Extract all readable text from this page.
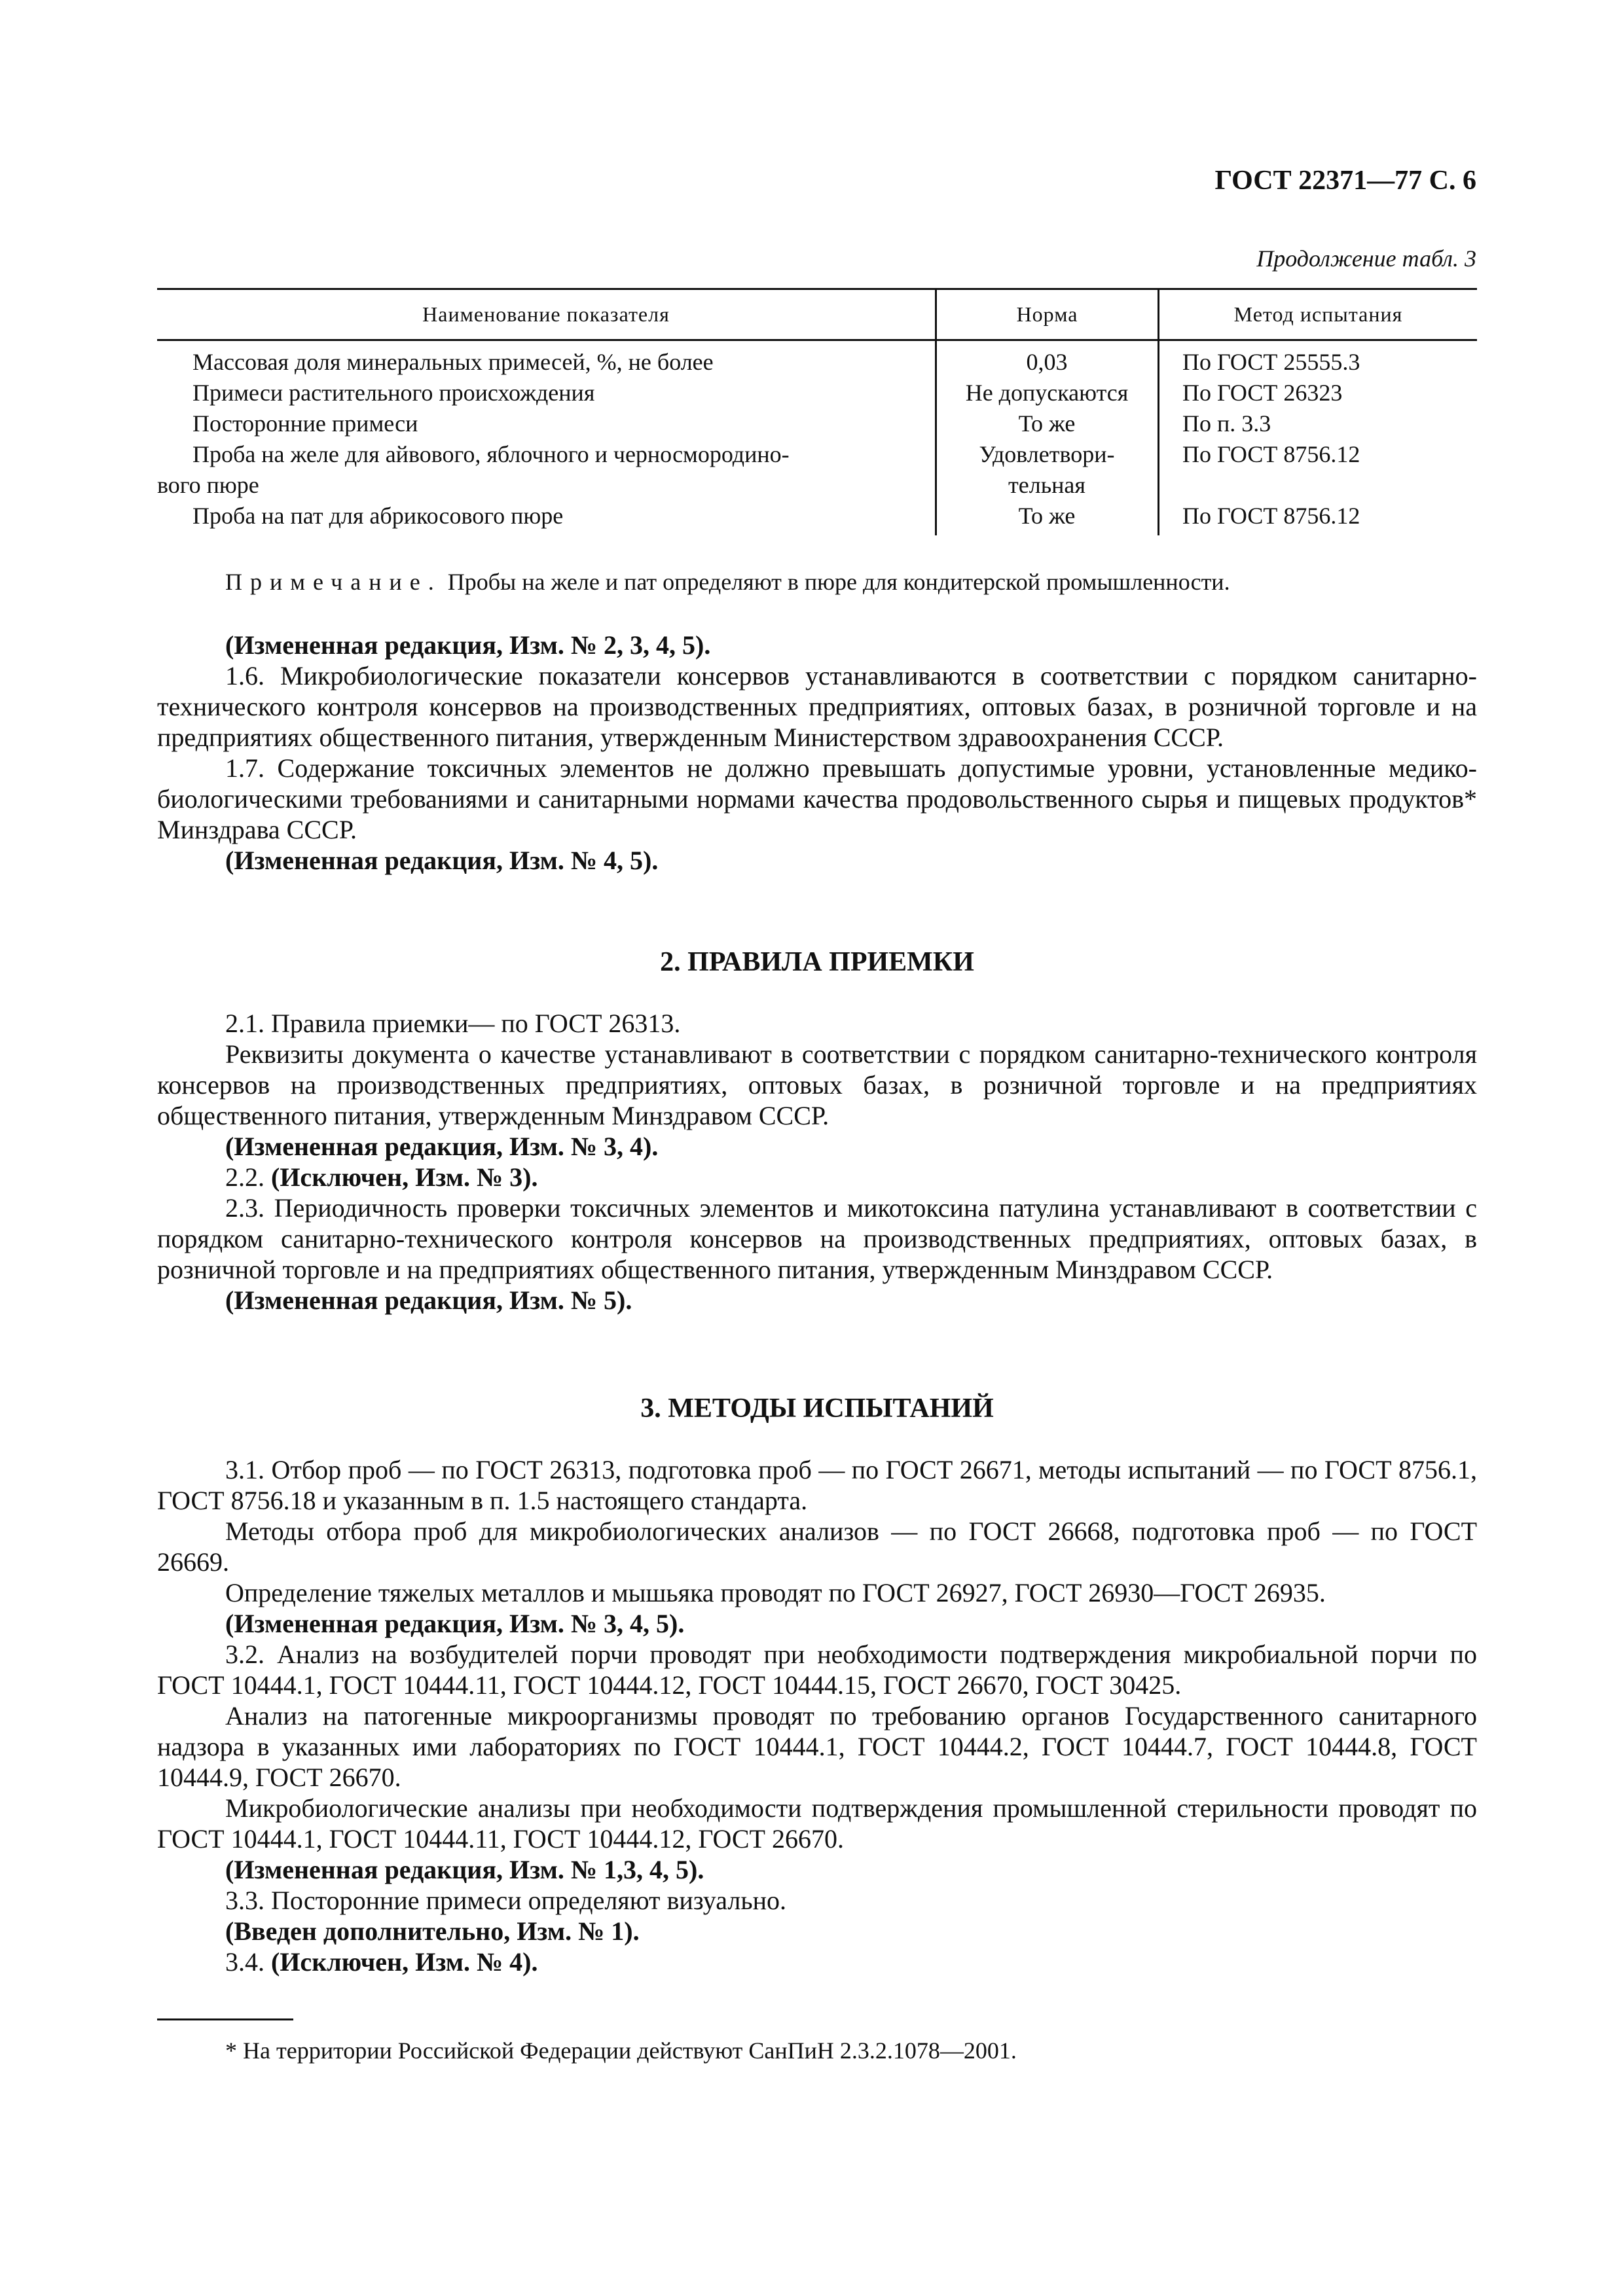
ГОСТ 22371—77 С. 6
Продолжение табл. 3
Наименование показателя	Норма	Метод испытания
Массовая доля минеральных примесей, %, не более	0,03	По ГОСТ 25555.3
Примеси растительного происхождения	Не допускаются	По ГОСТ 26323
Посторонние примеси	То же	По п. 3.3
Проба на желе для айвового, яблочного и черносмородино-	Удовлетвори-	По ГОСТ 8756.12
вого пюре	тельная
Проба на пат для абрикосового пюре	То же	По ГОСТ 8756.12
Примечание. Пробы на желе и пат определяют в пюре для кондитерской промышленности.

(Измененная редакция, Изм. № 2, 3, 4, 5).

1.6. Микробиологические показатели консервов устанавливаются в соответствии с порядком санитарно-технического контроля консервов на производственных предприятиях, оптовых базах, в розничной торговле и на предприятиях общественного питания, утвержденным Министерством здравоохранения СССР.

1.7. Содержание токсичных элементов не должно превышать допустимые уровни, установленные медико-биологическими требованиями и санитарными нормами качества продовольственного сырья и пищевых продуктов* Минздрава СССР.

(Измененная редакция, Изм. № 4, 5).

2. ПРАВИЛА ПРИЕМКИ

2.1. Правила приемки— по ГОСТ 26313.

Реквизиты документа о качестве устанавливают в соответствии с порядком санитарно-технического контроля консервов на производственных предприятиях, оптовых базах, в розничной торговле и на предприятиях общественного питания, утвержденным Минздравом СССР.

(Измененная редакция, Изм. № 3, 4).

2.2. (Исключен, Изм. № 3).

2.3. Периодичность проверки токсичных элементов и микотоксина патулина устанавливают в соответствии с порядком санитарно-технического контроля консервов на производственных предприятиях, оптовых базах, в розничной торговле и на предприятиях общественного питания, утвержденным Минздравом СССР.

(Измененная редакция, Изм. № 5).

3. МЕТОДЫ ИСПЫТАНИЙ

3.1. Отбор проб — по ГОСТ 26313, подготовка проб — по ГОСТ 26671, методы испытаний — по ГОСТ 8756.1, ГОСТ 8756.18 и указанным в п. 1.5 настоящего стандарта.

Методы отбора проб для микробиологических анализов — по ГОСТ 26668, подготовка проб — по ГОСТ 26669.

Определение тяжелых металлов и мышьяка проводят по ГОСТ 26927, ГОСТ 26930—ГОСТ 26935.

(Измененная редакция, Изм. № 3, 4, 5).

3.2. Анализ на возбудителей порчи проводят при необходимости подтверждения микробиальной порчи по ГОСТ 10444.1, ГОСТ 10444.11, ГОСТ 10444.12, ГОСТ 10444.15, ГОСТ 26670, ГОСТ 30425.

Анализ на патогенные микроорганизмы проводят по требованию органов Государственного санитарного надзора в указанных ими лабораториях по ГОСТ 10444.1, ГОСТ 10444.2, ГОСТ 10444.7, ГОСТ 10444.8, ГОСТ 10444.9, ГОСТ 26670.

Микробиологические анализы при необходимости подтверждения промышленной стерильности проводят по ГОСТ 10444.1, ГОСТ 10444.11, ГОСТ 10444.12, ГОСТ 26670.

(Измененная редакция, Изм. № 1,3, 4, 5).

3.3. Посторонние примеси определяют визуально.

(Введен дополнительно, Изм. № 1).

3.4. (Исключен, Изм. № 4).

* На территории Российской Федерации действуют СанПиН 2.3.2.1078—2001.
